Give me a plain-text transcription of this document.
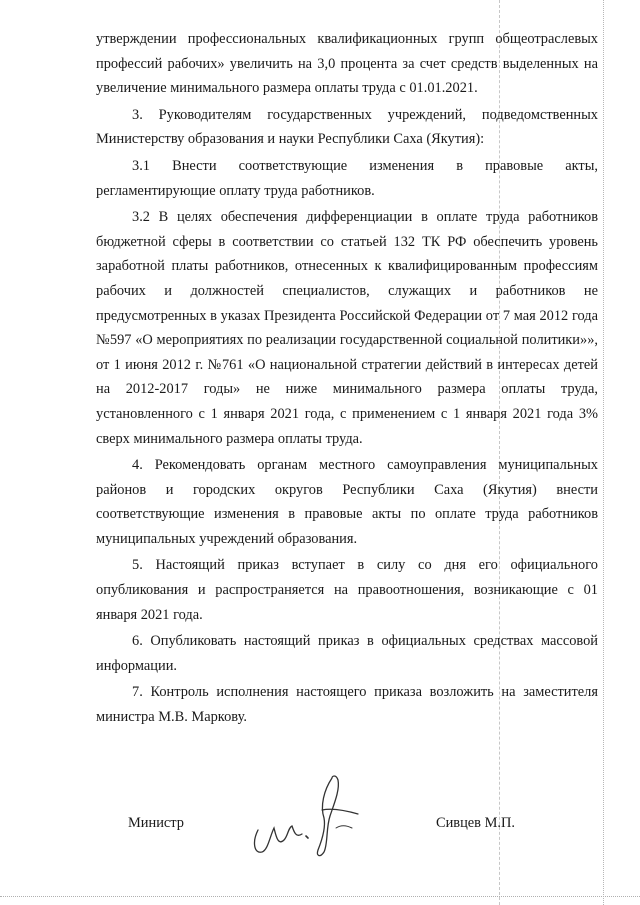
утверждении профессиональных квалификационных групп общеотраслевых профессий рабочих» увеличить на 3,0 процента за счет средств выделенных на увеличение минимального размера оплаты труда с 01.01.2021.

3. Руководителям государственных учреждений, подведомственных Министерству образования и науки Республики Саха (Якутия):

3.1 Внести соответствующие изменения в правовые акты, регламентирующие оплату труда работников.

3.2 В целях обеспечения дифференциации в оплате труда работников бюджетной сферы в соответствии со статьей 132 ТК РФ обеспечить уровень заработной платы работников, отнесенных к квалифицированным профессиям рабочих и должностей специалистов, служащих и работников не предусмотренных в указах Президента Российской Федерации от 7 мая 2012 года №597 «О мероприятиях по реализации государственной социальной политики»», от 1 июня 2012 г. №761 «О национальной стратегии действий в интересах детей на 2012-2017 годы» не ниже минимального размера оплаты труда, установленного с 1 января 2021 года, с применением с 1 января 2021 года 3% сверх минимального размера оплаты труда.

4. Рекомендовать органам местного самоуправления муниципальных районов и городских округов Республики Саха (Якутия) внести соответствующие изменения в правовые акты по оплате труда работников муниципальных учреждений образования.

5. Настоящий приказ вступает в силу со дня его официального опубликования и распространяется на правоотношения, возникающие с 01 января 2021 года.

6. Опубликовать настоящий приказ в официальных средствах массовой информации.

7. Контроль исполнения настоящего приказа возложить на заместителя министра М.В. Маркову.

Министр	Сивцев М.П.
